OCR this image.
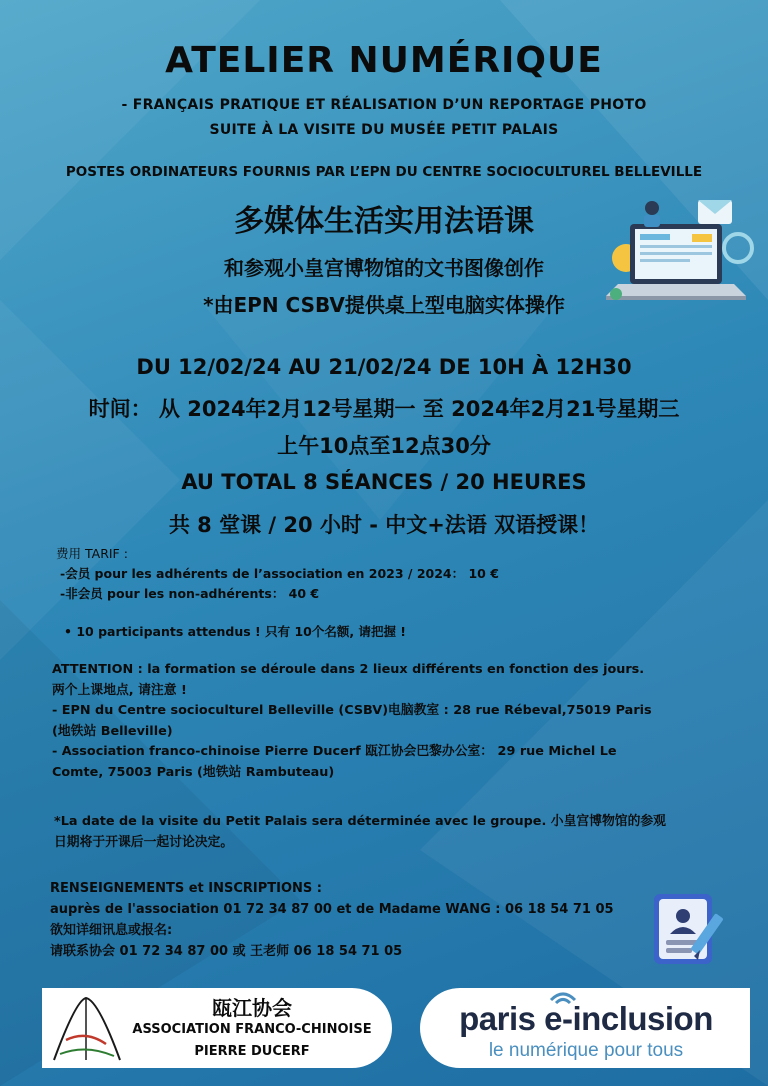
ATELIER NUMÉRIQUE
- FRANÇAIS PRATIQUE ET RÉALISATION D’UN REPORTAGE PHOTO
SUITE À LA VISITE DU MUSÉE PETIT PALAIS
POSTES ORDINATEURS FOURNIS PAR L’EPN DU CENTRE SOCIOCULTUREL BELLEVILLE
多媒体生活实用法语课
和参观小皇宫博物馆的文书图像创作
*由EPN CSBV提供桌上型电脑实体操作
DU 12/02/24 AU 21/02/24 DE 10H À 12H30
时间： 从 2024年2月12号星期一 至 2024年2月21号星期三
上午10点至12点30分
AU TOTAL 8 SÉANCES / 20 HEURES
共 8 堂课 / 20 小时 - 中文+法语 双语授课！
费用 TARIF :
-会员 pour les adhérents de l’association en 2023 / 2024： 10 €
-非会员 pour les non-adhérents： 40 €
• 10 participants attendus ! 只有 10个名额, 请把握 !
ATTENTION : la formation se déroule dans 2 lieux différents en fonction des jours.
两个上课地点, 请注意 !
- EPN du Centre socioculturel Belleville (CSBV)电脑教室 : 28 rue Rébeval,75019 Paris
(地铁站 Belleville)
- Association franco-chinoise Pierre Ducerf 瓯江协会巴黎办公室： 29 rue Michel Le
Comte, 75003 Paris (地铁站 Rambuteau)
*La date de la visite du Petit Palais sera déterminée avec le groupe. 小皇宫博物馆的参观
日期将于开课后一起讨论决定。
RENSEIGNEMENTS et INSCRIPTIONS :
auprès de l'association 01 72 34 87 00 et de Madame WANG : 06 18 54 71 05
欲知详细讯息或报名:
请联系协会 01 72 34 87 00 或 王老师 06 18 54 71 05
瓯江协会
ASSOCIATION FRANCO-CHINOISE
PIERRE DUCERF
paris e-inclusion
le numérique pour tous
